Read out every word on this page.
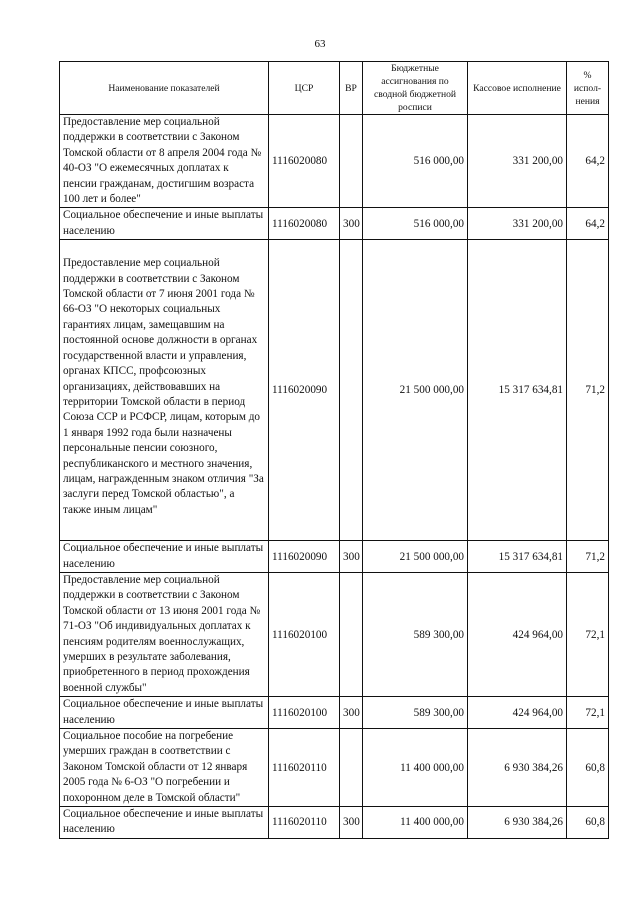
63
Наименование показателей	ЦСР	ВР	Бюджетные ассигнования по сводной бюджетной росписи	Кассовое исполнение	% испол-нения
Предоставление мер социальной поддержки в соответствии с Законом Томской области от 8 апреля 2004 года № 40-ОЗ "О ежемесячных доплатах к пенсии гражданам, достигшим возраста 100 лет и более"	1116020080		516 000,00	331 200,00	64,2
Социальное обеспечение и иные выплаты населению	1116020080	300	516 000,00	331 200,00	64,2
Предоставление мер социальной поддержки в соответствии с Законом Томской области от 7 июня 2001 года № 66-ОЗ "О некоторых социальных гарантиях лицам, замещавшим на постоянной основе должности в органах государственной власти и управления, органах КПСС, профсоюзных организациях, действовавших на территории Томской области в период Союза ССР и РСФСР, лицам, которым до 1 января 1992 года были назначены персональные пенсии союзного, республиканского и местного значения, лицам, награжденным знаком отличия "За заслуги перед Томской областью", а также иным лицам"	1116020090		21 500 000,00	15 317 634,81	71,2
Социальное обеспечение и иные выплаты населению	1116020090	300	21 500 000,00	15 317 634,81	71,2
Предоставление мер социальной поддержки в соответствии с Законом Томской области от 13 июня 2001 года № 71-ОЗ "Об индивидуальных доплатах к пенсиям родителям военнослужащих, умерших в результате заболевания, приобретенного в период прохождения военной службы"	1116020100		589 300,00	424 964,00	72,1
Социальное обеспечение и иные выплаты населению	1116020100	300	589 300,00	424 964,00	72,1
Социальное пособие на погребение умерших граждан в соответствии с Законом Томской области от 12 января 2005 года № 6-ОЗ "О погребении и похоронном деле в Томской области"	1116020110		11 400 000,00	6 930 384,26	60,8
Социальное обеспечение и иные выплаты населению	1116020110	300	11 400 000,00	6 930 384,26	60,8
